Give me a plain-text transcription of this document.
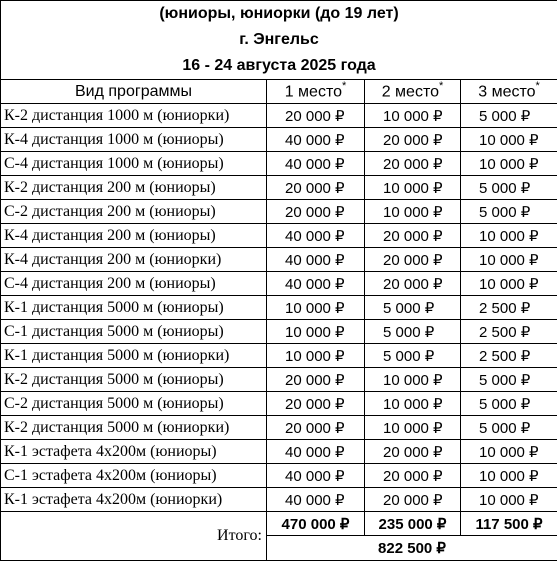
(юниоры, юниорки (до 19 лет)			
г. Энгельс			
16 - 24 августа 2025 года			
Вид программы	1 место*	2 место*	3 место*
К-2 дистанция 1000 м (юниорки)	20 000 ₽	10 000 ₽	5 000 ₽
К-4 дистанция 1000 м (юниоры)	40 000 ₽	20 000 ₽	10 000 ₽
С-4 дистанция 1000 м (юниоры)	40 000 ₽	20 000 ₽	10 000 ₽
К-2 дистанция 200 м (юниоры)	20 000 ₽	10 000 ₽	5 000 ₽
С-2 дистанция 200 м (юниоры)	20 000 ₽	10 000 ₽	5 000 ₽
К-4 дистанция 200 м (юниоры)	40 000 ₽	20 000 ₽	10 000 ₽
К-4 дистанция 200 м (юниорки)	40 000 ₽	20 000 ₽	10 000 ₽
С-4 дистанция 200 м (юниоры)	40 000 ₽	20 000 ₽	10 000 ₽
К-1 дистанция 5000 м (юниоры)	10 000 ₽	5 000 ₽	2 500 ₽
С-1 дистанция 5000 м (юниоры)	10 000 ₽	5 000 ₽	2 500 ₽
К-1 дистанция 5000 м (юниорки)	10 000 ₽	5 000 ₽	2 500 ₽
К-2 дистанция 5000 м (юниоры)	20 000 ₽	10 000 ₽	5 000 ₽
С-2 дистанция 5000 м (юниоры)	20 000 ₽	10 000 ₽	5 000 ₽
К-2 дистанция 5000 м (юниорки)	20 000 ₽	10 000 ₽	5 000 ₽
К-1 эстафета 4х200м (юниоры)	40 000 ₽	20 000 ₽	10 000 ₽
С-1 эстафета 4х200м (юниоры)	40 000 ₽	20 000 ₽	10 000 ₽
К-1 эстафета 4х200м (юниорки)	40 000 ₽	20 000 ₽	10 000 ₽
Итого:	470 000 ₽	235 000 ₽	117 500 ₽
	822 500 ₽		
